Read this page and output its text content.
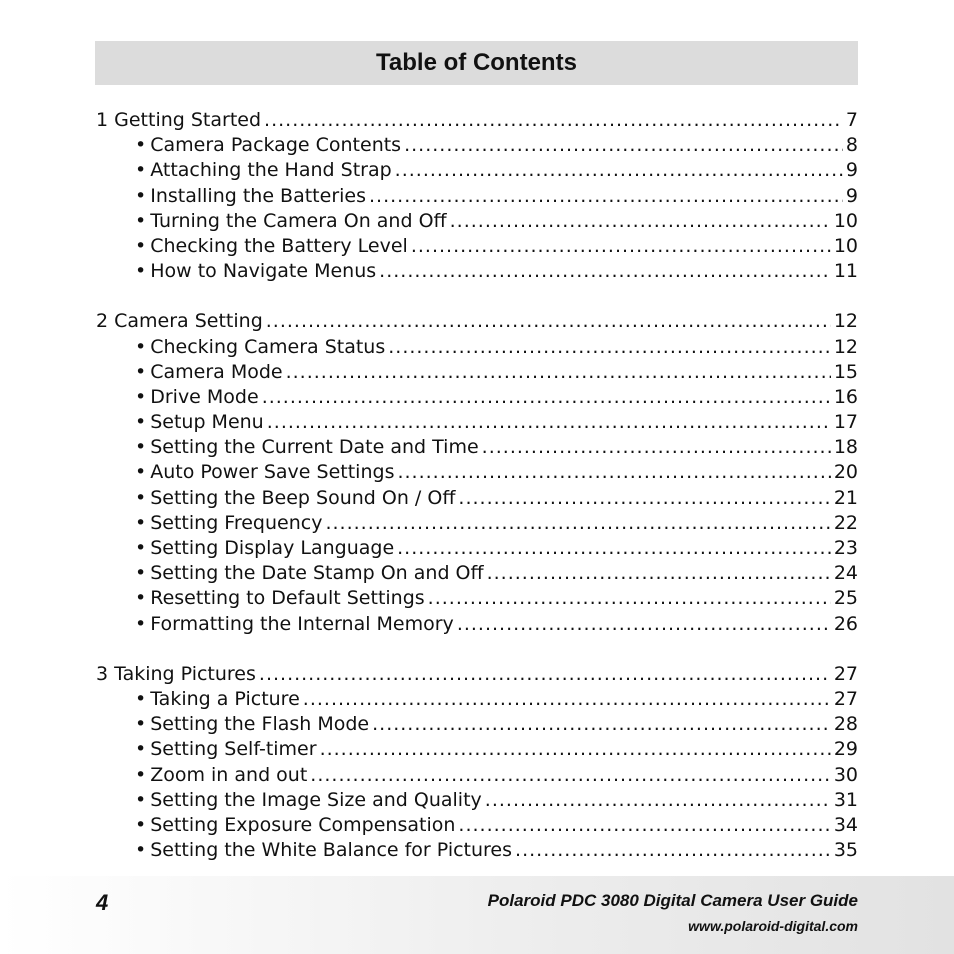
Table of Contents
1 Getting Started .....	7
• Camera Package Contents .....	8
• Attaching the Hand Strap .....	9
• Installing the Batteries .....	9
• Turning the Camera On and Off .....	10
• Checking the Battery Level .....	10
• How to Navigate Menus .....	11
2 Camera Setting .....	12
• Checking Camera Status .....	12
• Camera Mode .....	15
• Drive Mode .....	16
• Setup Menu .....	17
• Setting the Current Date and Time .....	18
• Auto Power Save Settings .....	20
• Setting the Beep Sound On / Off .....	21
• Setting Frequency .....	22
• Setting Display Language .....	23
• Setting the Date Stamp On and Off .....	24
• Resetting to Default Settings .....	25
• Formatting the Internal Memory .....	26
3 Taking Pictures .....	27
• Taking a Picture .....	27
• Setting the Flash Mode .....	28
• Setting Self-timer .....	29
• Zoom in and out .....	30
• Setting the Image Size and Quality .....	31
• Setting Exposure Compensation .....	34
• Setting the White Balance for Pictures .....	35
4	Polaroid PDC 3080 Digital Camera User Guide
www.polaroid-digital.com
